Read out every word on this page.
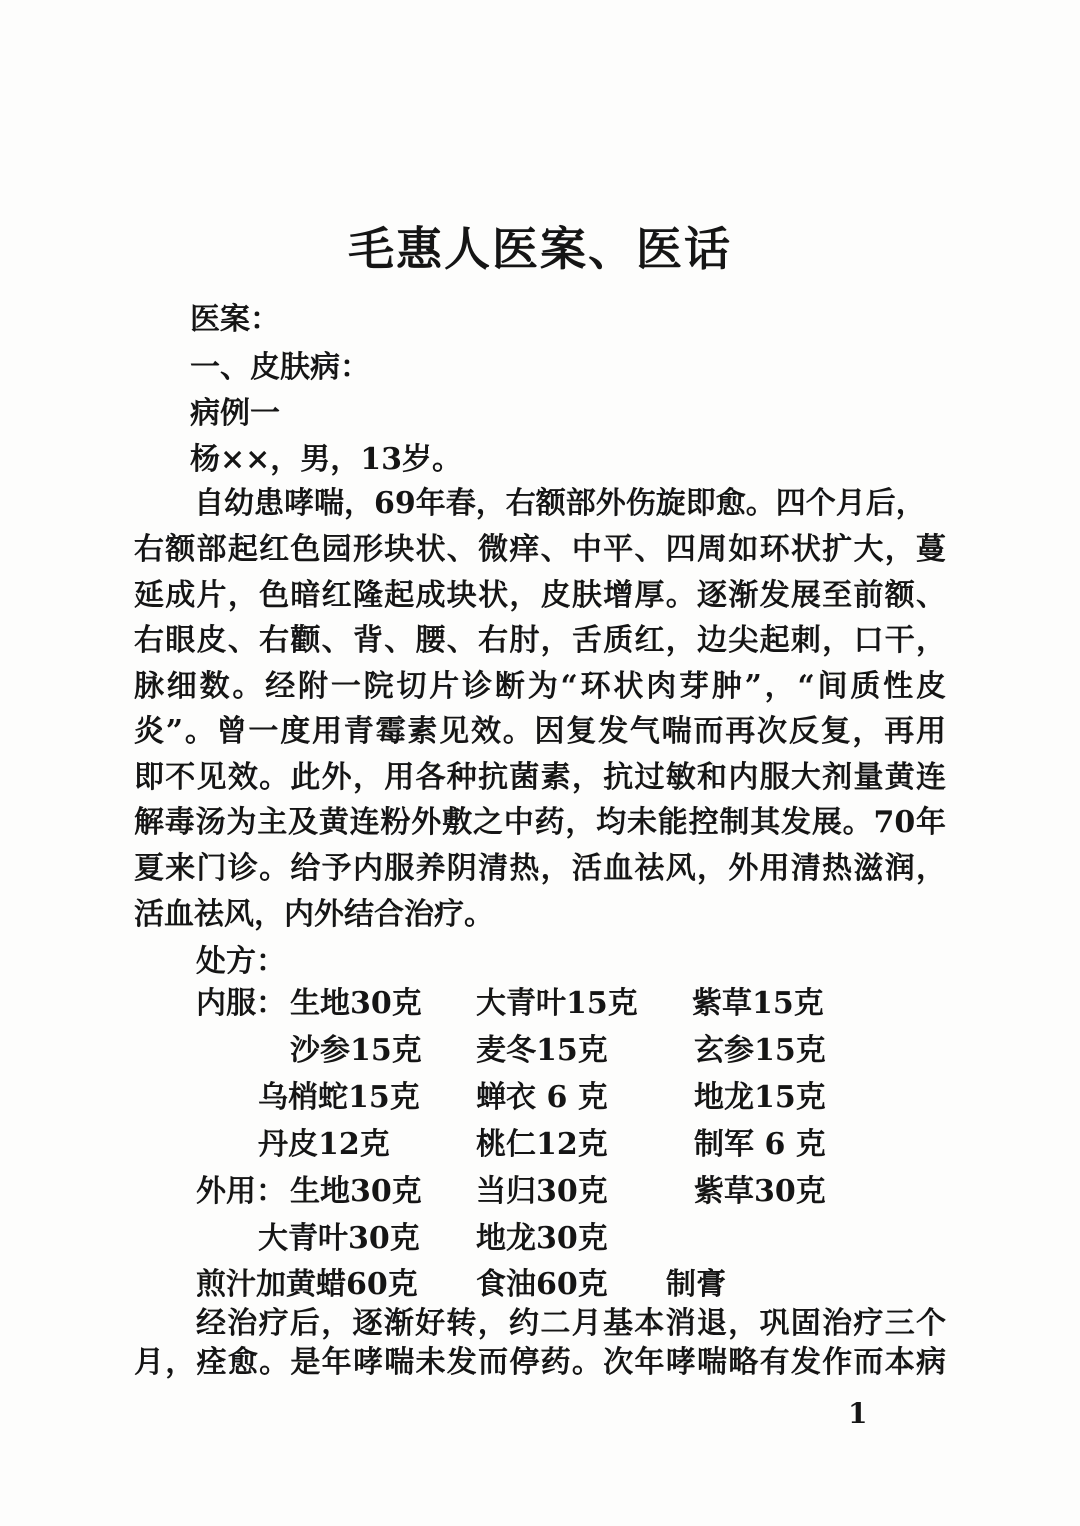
毛惠人医案、医话
医案：
一、皮肤病：
病例一
杨××，男，13岁。
自幼患哮喘，69年春，右额部外伤旋即愈。四个月后，
右额部起红色园形块状、微痒、中平、四周如环状扩大，蔓
延成片，色暗红隆起成块状，皮肤增厚。逐渐发展至前额、
右眼皮、右颧、背、腰、右肘，舌质红，边尖起刺，口干，
脉细数。经附一院切片诊断为“环状肉芽肿”，“间质性皮
炎”。曾一度用青霉素见效。因复发气喘而再次反复，再用
即不见效。此外，用各种抗菌素，抗过敏和内服大剂量黄连
解毒汤为主及黄连粉外敷之中药，均未能控制其发展。70年
夏来门诊。给予内服养阴清热，活血祛风，外用清热滋润，
活血祛风，内外结合治疗。
处方：
内服： 生地30克 大青叶15克 紫草15克
沙参15克 麦冬15克	玄参15克
乌梢蛇15克 蝉衣 6 克	地龙15克
丹皮12克	桃仁12克	制军 6 克
外用： 生地30克 当归30克	紫草30克
大青叶30克 地龙30克
煎汁加黄蜡60克 食油60克 制膏
经治疗后，逐渐好转，约二月基本消退，巩固治疗三个
月，痊愈。是年哮喘未发而停药。次年哮喘略有发作而本病
1
